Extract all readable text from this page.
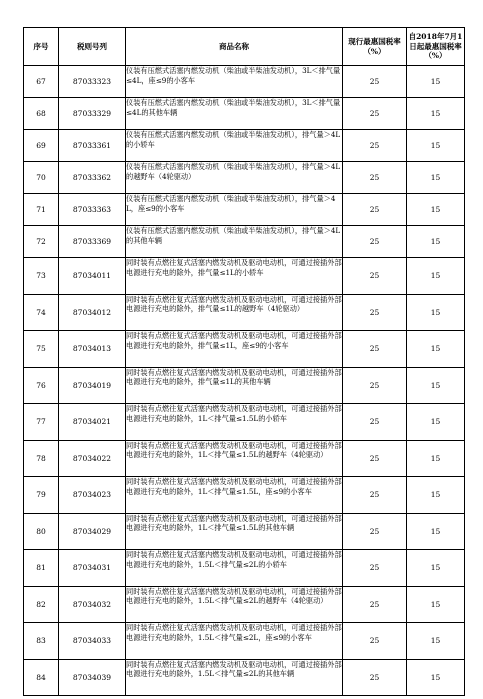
序号	税则号列	商品名称	现行最惠国税率（%）	自2018年7月1日起最惠国税率（%）
67	87033323	仪装有压燃式活塞内燃发动机（柴油或半柴油发动机），3L＜排气量≤4L，座≤9的小客车	25	15
68	87033329	仪装有压燃式活塞内燃发动机（柴油或半柴油发动机），3L＜排气量≤4L的其他车辆	25	15
69	87033361	仪装有压燃式活塞内燃发动机（柴油或半柴油发动机），排气量＞4L的小轿车	25	15
70	87033362	仪装有压燃式活塞内燃发动机（柴油或半柴油发动机），排气量＞4L的越野车（4轮驱动）	25	15
71	87033363	仪装有压燃式活塞内燃发动机（柴油或半柴油发动机），排气量＞4L，座≤9的小客车	25	15
72	87033369	仪装有压燃式活塞内燃发动机（柴油或半柴油发动机），排气量＞4L的其他车辆	25	15
73	87034011	同时装有点燃往复式活塞内燃发动机及驱动电动机，可通过接插外部电源进行充电的除外，排气量≤1L的小轿车	25	15
74	87034012	同时装有点燃往复式活塞内燃发动机及驱动电动机，可通过接插外部电源进行充电的除外，排气量≤1L的越野车（4轮驱动）	25	15
75	87034013	同时装有点燃往复式活塞内燃发动机及驱动电动机，可通过接插外部电源进行充电的除外，排气量≤1L，座≤9的小客车	25	15
76	87034019	同时装有点燃往复式活塞内燃发动机及驱动电动机，可通过接插外部电源进行充电的除外，排气量≤1L的其他车辆	25	15
77	87034021	同时装有点燃往复式活塞内燃发动机及驱动电动机，可通过接插外部电源进行充电的除外，1L＜排气量≤1.5L的小轿车	25	15
78	87034022	同时装有点燃往复式活塞内燃发动机及驱动电动机，可通过接插外部电源进行充电的除外，1L＜排气量≤1.5L的越野车（4轮驱动）	25	15
79	87034023	同时装有点燃往复式活塞内燃发动机及驱动电动机，可通过接插外部电源进行充电的除外，1L＜排气量≤1.5L，座≤9的小客车	25	15
80	87034029	同时装有点燃往复式活塞内燃发动机及驱动电动机，可通过接插外部电源进行充电的除外，1L＜排气量≤1.5L的其他车辆	25	15
81	87034031	同时装有点燃往复式活塞内燃发动机及驱动电动机，可通过接插外部电源进行充电的除外，1.5L＜排气量≤2L的小轿车	25	15
82	87034032	同时装有点燃往复式活塞内燃发动机及驱动电动机，可通过接插外部电源进行充电的除外，1.5L＜排气量≤2L的越野车（4轮驱动）	25	15
83	87034033	同时装有点燃往复式活塞内燃发动机及驱动电动机，可通过接插外部电源进行充电的除外，1.5L＜排气量≤2L，座≤9的小客车	25	15
84	87034039	同时装有点燃往复式活塞内燃发动机及驱动电动机，可通过接插外部电源进行充电的除外，1.5L＜排气量≤2L的其他车辆	25	15
